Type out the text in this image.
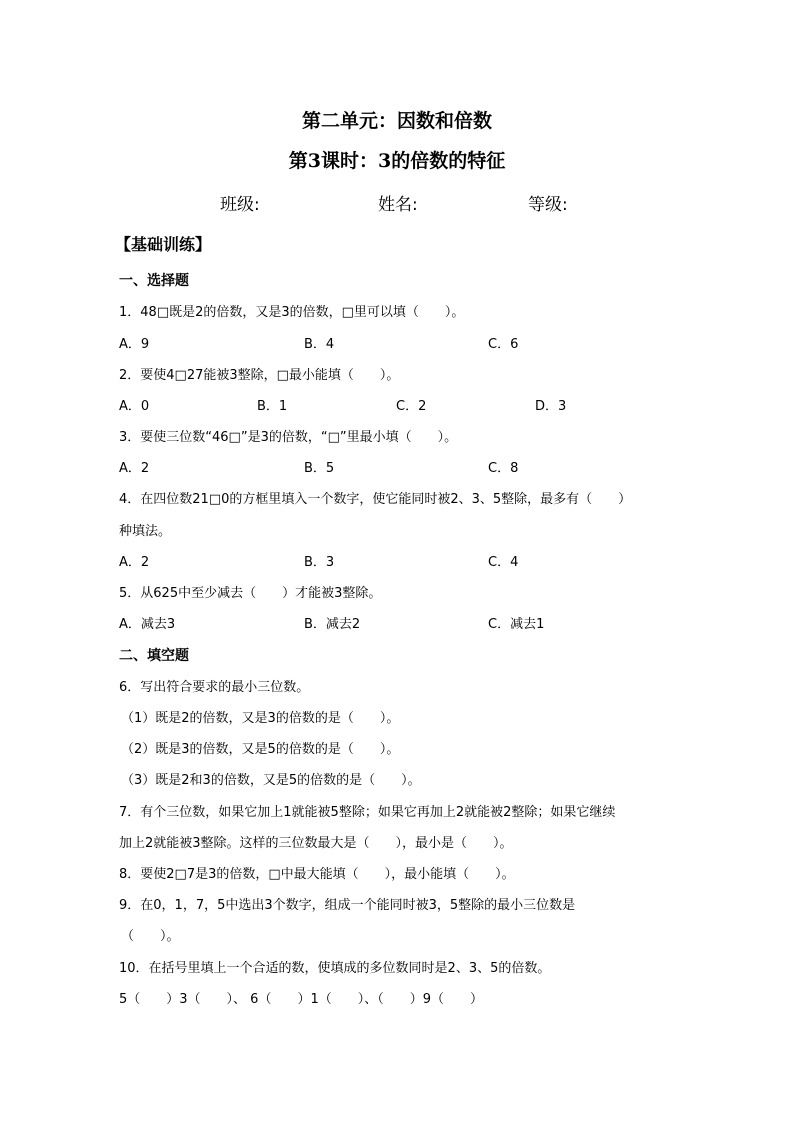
第二单元：因数和倍数
第3课时：3的倍数的特征
班级:	姓名:	等级:
【基础训练】
一、选择题
1．48□既是2的倍数，又是3的倍数，□里可以填（　　）。
A．9	B．4	C．6
2．要使4□27能被3整除，□最小能填（　　）。
A．0	B．1	C．2	D．3
3．要使三位数“46□”是3的倍数，“□”里最小填（　　）。
A．2	B．5	C．8
4．在四位数21□0的方框里填入一个数字，使它能同时被2、3、5整除，最多有（　　）
种填法。
A．2	B．3	C．4
5．从625中至少减去（　　）才能被3整除。
A．减去3	B．减去2	C．减去1
二、填空题
6．写出符合要求的最小三位数。
（1）既是2的倍数，又是3的倍数的是（　　）。
（2）既是3的倍数，又是5的倍数的是（　　）。
（3）既是2和3的倍数，又是5的倍数的是（　　）。
7．有个三位数，如果它加上1就能被5整除；如果它再加上2就能被2整除；如果它继续
加上2就能被3整除。这样的三位数最大是（　　），最小是（　　）。
8．要使2□7是3的倍数，□中最大能填（　　），最小能填（　　）。
9．在0，1，7，5中选出3个数字，组成一个能同时被3，5整除的最小三位数是
（　　）。
10．在括号里填上一个合适的数，使填成的多位数同时是2、3、5的倍数。
5（　　）3（　　）、 6（　　）1（　　）、（　　）9（　　）
